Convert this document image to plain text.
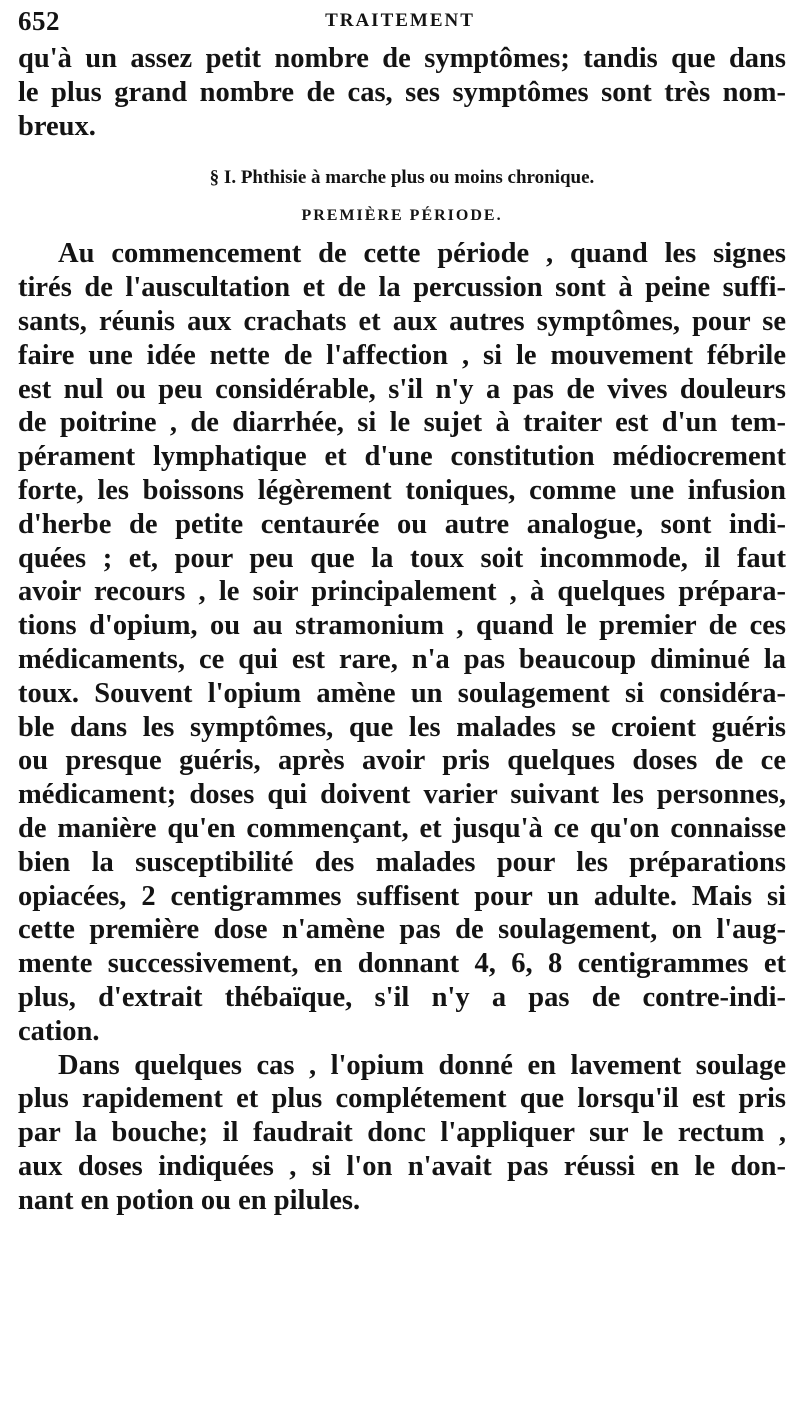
652	TRAITEMENT
qu'à un assez petit nombre de symptômes; tandis que dans
le plus grand nombre de cas, ses symptômes sont très nom-
breux.
§ I. Phthisie à marche plus ou moins chronique.
PREMIÈRE PÉRIODE.
Au commencement de cette période , quand les signes
tirés de l'auscultation et de la percussion sont à peine suffi-
sants, réunis aux crachats et aux autres symptômes, pour se
faire une idée nette de l'affection , si le mouvement fébrile
est nul ou peu considérable, s'il n'y a pas de vives douleurs
de poitrine , de diarrhée, si le sujet à traiter est d'un tem-
pérament lymphatique et d'une constitution médiocrement
forte, les boissons légèrement toniques, comme une infusion
d'herbe de petite centaurée ou autre analogue, sont indi-
quées ; et, pour peu que la toux soit incommode, il faut
avoir recours , le soir principalement , à quelques prépara-
tions d'opium, ou au stramonium , quand le premier de ces
médicaments, ce qui est rare, n'a pas beaucoup diminué la
toux. Souvent l'opium amène un soulagement si considéra-
ble dans les symptômes, que les malades se croient guéris
ou presque guéris, après avoir pris quelques doses de ce
médicament; doses qui doivent varier suivant les personnes,
de manière qu'en commençant, et jusqu'à ce qu'on connaisse
bien la susceptibilité des malades pour les préparations
opiacées, 2 centigrammes suffisent pour un adulte. Mais si
cette première dose n'amène pas de soulagement, on l'aug-
mente successivement, en donnant 4, 6, 8 centigrammes et
plus, d'extrait thébaïque, s'il n'y a pas de contre-indi-
cation.
Dans quelques cas , l'opium donné en lavement soulage
plus rapidement et plus complétement que lorsqu'il est pris
par la bouche; il faudrait donc l'appliquer sur le rectum ,
aux doses indiquées , si l'on n'avait pas réussi en le don-
nant en potion ou en pilules.
